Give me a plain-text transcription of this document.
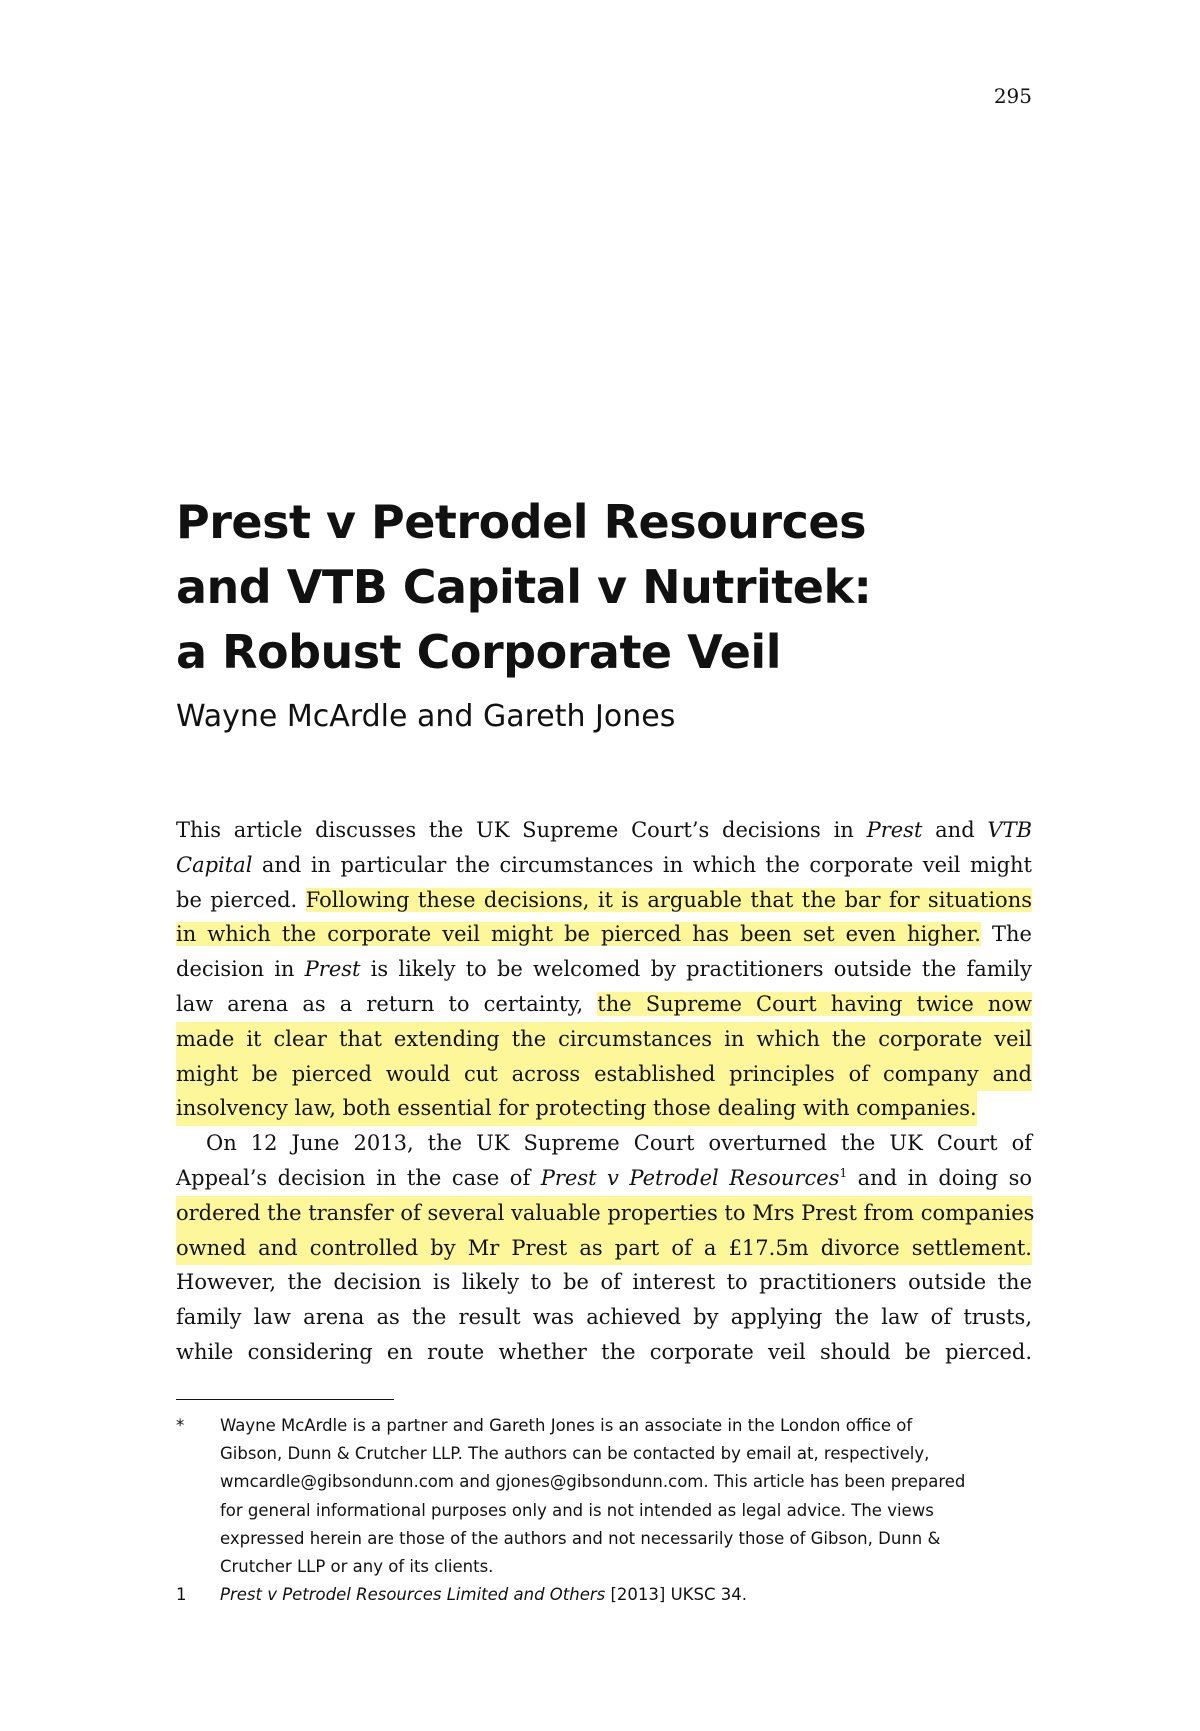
295
Prest v Petrodel Resources
and VTB Capital v Nutritek:
a Robust Corporate Veil

Wayne McArdle and Gareth Jones

This article discusses the UK Supreme Court’s decisions in Prest and VTB
Capital and in particular the circumstances in which the corporate veil might
be pierced. Following these decisions, it is arguable that the bar for situations
in which the corporate veil might be pierced has been set even higher. The
decision in Prest is likely to be welcomed by practitioners outside the family
law arena as a return to certainty, the Supreme Court having twice now
made it clear that extending the circumstances in which the corporate veil
might be pierced would cut across established principles of company and
insolvency law, both essential for protecting those dealing with companies.
On 12 June 2013, the UK Supreme Court overturned the UK Court of
Appeal’s decision in the case of Prest v Petrodel Resources$^1$ and in doing so
ordered the transfer of several valuable properties to Mrs Prest from companies
owned and controlled by Mr Prest as part of a £17.5m divorce settlement.
However, the decision is likely to be of interest to practitioners outside the
family law arena as the result was achieved by applying the law of trusts,
while considering en route whether the corporate veil should be pierced.
*	Wayne McArdle is a partner and Gareth Jones is an associate in the London office of
Gibson, Dunn & Crutcher LLP. The authors can be contacted by email at, respectively,
wmcardle@gibsondunn.com and gjones@gibsondunn.com. This article has been prepared
for general informational purposes only and is not intended as legal advice. The views
expressed herein are those of the authors and not necessarily those of Gibson, Dunn &
Crutcher LLP or any of its clients.
1	Prest v Petrodel Resources Limited and Others [2013] UKSC 34.
